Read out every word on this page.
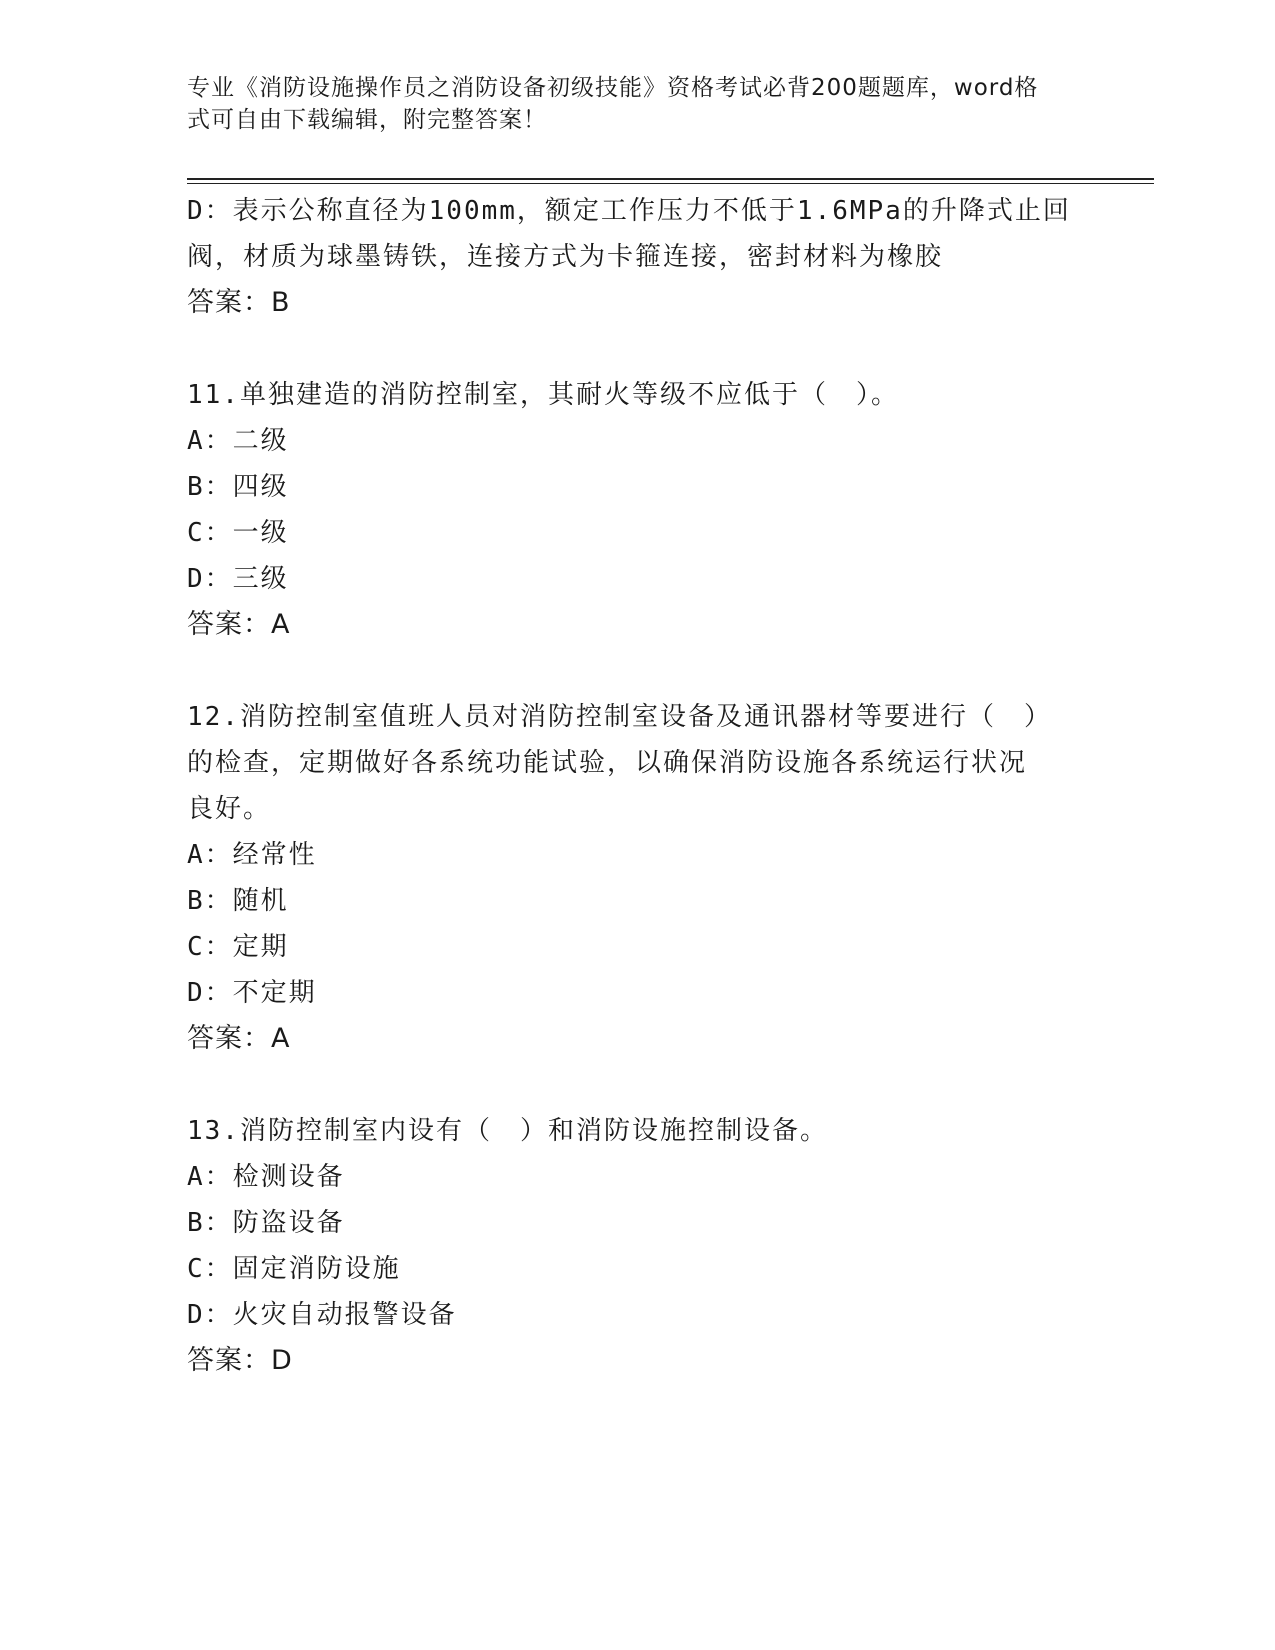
专业《消防设施操作员之消防设备初级技能》资格考试必背200题题库，word格
式可自由下载编辑，附完整答案！
D：表示公称直径为100mm，额定工作压力不低于1.6MPa的升降式止回
阀，材质为球墨铸铁，连接方式为卡箍连接，密封材料为橡胶
答案：B
11.单独建造的消防控制室，其耐火等级不应低于（　）。
A：二级
B：四级
C：一级
D：三级
答案：A
12.消防控制室值班人员对消防控制室设备及通讯器材等要进行（　）
的检查，定期做好各系统功能试验，以确保消防设施各系统运行状况
良好。
A：经常性
B：随机
C：定期
D：不定期
答案：A
13.消防控制室内设有（　）和消防设施控制设备。
A：检测设备
B：防盗设备
C：固定消防设施
D：火灾自动报警设备
答案：D
